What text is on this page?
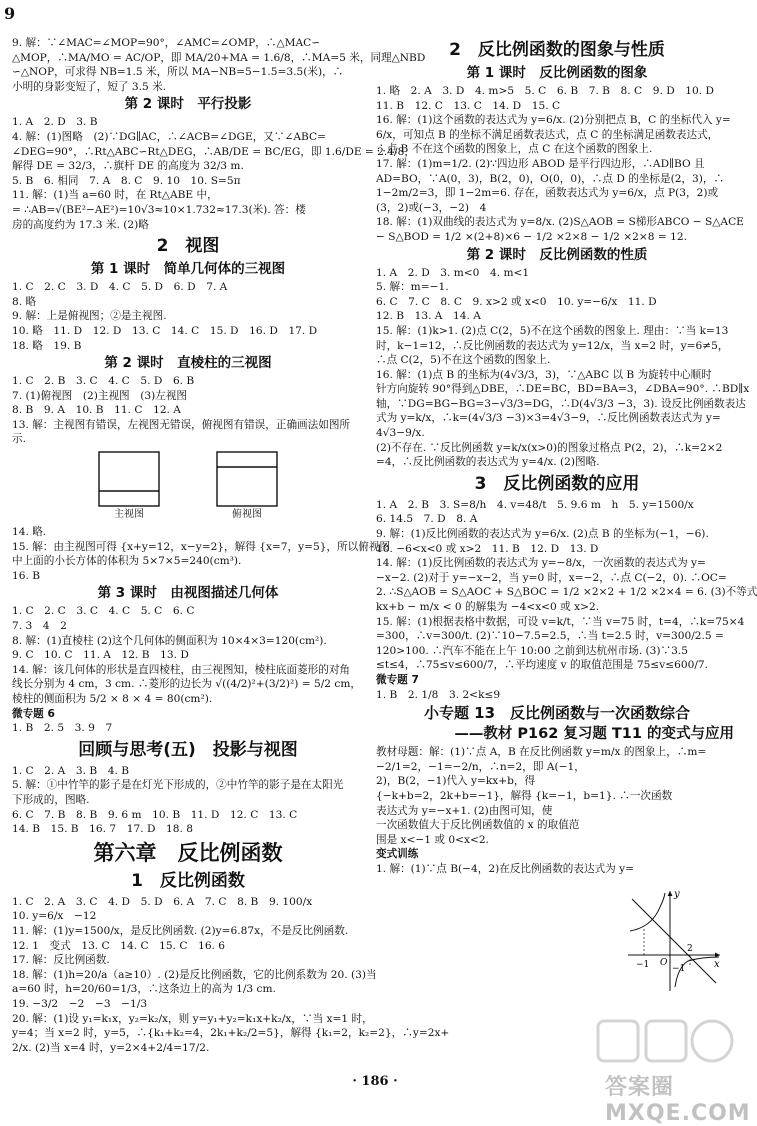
9
9. 解：∵∠MAC=∠MOP=90°，∠AMC=∠OMP，∴△MAC∽
△MOP，∴MA/MO = AC/OP，即 MA/20+MA = 1.6/8，∴MA=5 米，同理△NBD
∽△NOP，可求得 NB=1.5 米，所以 MA−NB=5−1.5=3.5(米)，∴
小明的身影变短了，短了 3.5 米.
第 2 课时　平行投影
1. A　2. D　3. B
4. 解：(1)图略　(2)∵DG∥AC，∴∠ACB=∠DGE，又∵∠ABC=
∠DEG=90°，∴Rt△ABC∽Rt△DEG，∴AB/DE = BC/EG，即 1.6/DE = 2.4/8，
解得 DE = 32/3，∴旗杆 DE 的高度为 32/3 m.
5. B　6. 相同　7. A　8. C　9. 10　10. S=5π
11. 解：(1)当 a=60 时，在 Rt△ABE 中，
= ∴AB=√(BE²−AE²)=10√3≈10×1.732≈17.3(米). 答：楼
房的高度约为 17.3 米. (2)略
2　视图
第 1 课时　简单几何体的三视图
1. C　2. C　3. D　4. C　5. D　6. D　7. A
8. 略
9. 解：上是俯视图；②是主视图.
10. 略　11. D　12. D　13. C　14. C　15. D　16. D　17. D
18. 略　19. B
第 2 课时　直棱柱的三视图
1. C　2. B　3. C　4. C　5. D　6. B
7. (1)俯视图　(2)主视图　(3)左视图
8. B　9. A　10. B　11. C　12. A
13. 解：主视图有错误，左视图无错误，俯视图有错误，正确画法如图所
示.
主视图	俯视图
14. 略.
15. 解：由主视图可得 {x+y=12，x−y=2}，解得 {x=7，y=5}，所以俯视图
中上面的小长方体的体积为 5×7×5=240(cm³).
16. B
第 3 课时　由视图描述几何体
1. C　2. C　3. C　4. C　5. C　6. C
7. 3　4　2
8. 解：(1)直棱柱 (2)这个几何体的侧面积为 10×4×3=120(cm²).
9. C　10. C　11. A　12. B　13. D
14. 解：该几何体的形状是直四棱柱，由三视图知，棱柱底面菱形的对角
线长分别为 4 cm，3 cm. ∴菱形的边长为 √((4/2)²+(3/2)²) = 5/2 cm，
棱柱的侧面积为 5/2 × 8 × 4 = 80(cm²).
微专题 6
1. B　2. 5　3. 9　7
回顾与思考(五)　投影与视图
1. C　2. A　3. B　4. B
5. 解：①中竹竿的影子是在灯光下形成的，②中竹竿的影子是在太阳光
下形成的，图略.
6. C　7. B　8. B　9. 6 m　10. B　11. D　12. C　13. C
14. B　15. B　16. 7　17. D　18. 8
第六章　反比例函数
1　反比例函数
1. C　2. A　3. C　4. D　5. D　6. A　7. C　8. B　9. 100/x
10. y=6/x　−12
11. 解：(1)y=1500/x，是反比例函数. (2)y=6.87x，不是反比例函数.
12. 1　变式　13. C　14. C　15. C　16. 6
17. 解：反比例函数.
18. 解：(1)h=20/a（a≥10）. (2)是反比例函数，它的比例系数为 20. (3)当
a=60 时，h=20/60=1/3，∴这条边上的高为 1/3 cm.
19. −3/2　−2　−3　−1/3
20. 解：(1)设 y₁=k₁x，y₂=k₂/x，则 y=y₁+y₂=k₁x+k₂/x，∵当 x=1 时，
y=4；当 x=2 时，y=5，∴{k₁+k₂=4，2k₁+k₂/2=5}，解得 {k₁=2，k₂=2}，∴y=2x+
2/x. (2)当 x=4 时，y=2×4+2/4=17/2.
2　反比例函数的图象与性质
第 1 课时　反比例函数的图象
1. 略　2. A　3. D　4. m>5　5. C　6. B　7. B　8. C　9. D　10. D
11. B　12. C　13. C　14. D　15. C
16. 解：(1)这个函数的表达式为 y=6/x. (2)分别把点 B，C 的坐标代入 y=
6/x，可知点 B 的坐标不满足函数表达式，点 C 的坐标满足函数表达式，
∴点 B 不在这个函数的图象上，点 C 在这个函数的图象上.
17. 解：(1)m=1/2. (2)∵四边形 ABOD 是平行四边形，∴AD∥BO 且
AD=BO，∵A(0，3)，B(2，0)，O(0，0)，∴点 D 的坐标是(2，3)，∴
1−2m/2=3，即 1−2m=6. 存在，函数表达式为 y=6/x，点 P(3，2)或
(3，2)或(−3，−2)　4
18. 解：(1)双曲线的表达式为 y=8/x. (2)S△AOB = S梯形ABCO − S△ACE
− S△BOD = 1/2 ×(2+8)×6 − 1/2 ×2×8 − 1/2 ×2×8 = 12.
第 2 课时　反比例函数的性质
1. A　2. D　3. m<0　4. m<1
5. 解：m=−1.
6. C　7. C　8. C　9. x>2 或 x<0　10. y=−6/x　11. D
12. B　13. A　14. A
15. 解：(1)k>1. (2)点 C(2，5)不在这个函数的图象上. 理由：∵当 k=13
时，k−1=12，∴反比例函数的表达式为 y=12/x，当 x=2 时，y=6≠5，
∴点 C(2，5)不在这个函数的图象上.
16. 解：(1)点 B 的坐标为(4√3/3，3)，∵△ABC 以 B 为旋转中心顺时
针方向旋转 90°得到△DBE，∴DE=BC，BD=BA=3，∠DBA=90°. ∴BD∥x
轴，∵DG=BG−BG=3−√3/3=DG，∴D(4√3/3 −3，3). 设反比例函数表达
式为 y=k/x，∴k=(4√3/3 −3)×3=4√3−9，∴反比例函数表达式为 y=
4√3−9/x.
(2)不存在. ∵反比例函数 y=k/x(x>0)的图象过格点 P(2，2)，∴k=2×2
=4，∴反比例函数的表达式为 y=4/x. (2)图略.
3　反比例函数的应用
1. A　2. B　3. S=8/h　4. v=48/t　5. 9.6 m　h　5. y=1500/x
6. 14.5　7. D　8. A
9. 解：(1)反比例函数的表达式为 y=6/x. (2)点 B 的坐标为(−1，−6).
10. −6<x<0 或 x>2　11. B　12. D　13. D
14. 解：(1)反比例函数的表达式为 y=−8/x，一次函数的表达式为 y=
−x−2. (2)对于 y=−x−2，当 y=0 时，x=−2，∴点 C(−2，0). ∴OC=
2. ∴S△AOB = S△AOC + S△BOC = 1/2 ×2×2 + 1/2 ×2×4 = 6. (3)不等式
kx+b − m/x < 0 的解集为 −4<x<0 或 x>2.
15. 解：(1)根据表格中数据，可设 v=k/t，∵当 v=75 时，t=4，∴k=75×4
=300，∴v=300/t. (2)∵10−7.5=2.5，∴当 t=2.5 时，v=300/2.5 =
120>100. ∴汽车不能在上午 10:00 之前到达杭州市场. (3)∵3.5
≤t≤4，∴75≤v≤600/7，∴平均速度 v 的取值范围是 75≤v≤600/7.
微专题 7
1. B　2. 1/8　3. 2<k≤9
小专题 13　反比例函数与一次函数综合
——教材 P162 复习题 T11 的变式与应用
教材母题：解：(1)∵点 A，B 在反比例函数 y=m/x 的图象上，∴m=
−2/1=2，−1=−2/n，∴n=2，即 A(−1，
2)，B(2，−1)代入 y=kx+b，得
{−k+b=2，2k+b=−1}，解得 {k=−1，b=1}. ∴一次函数
表达式为 y=−x+1. (2)由图可知，使
一次函数值大于反比例函数值的 x 的取值范
围是 x<−1 或 0<x<2.
变式训练
1. 解：(1)∵点 B(−4，2)在反比例函数的表达式为 y=
y
x
O
2
−1	−1
答案圈 MXQE.COM
· 186 ·
